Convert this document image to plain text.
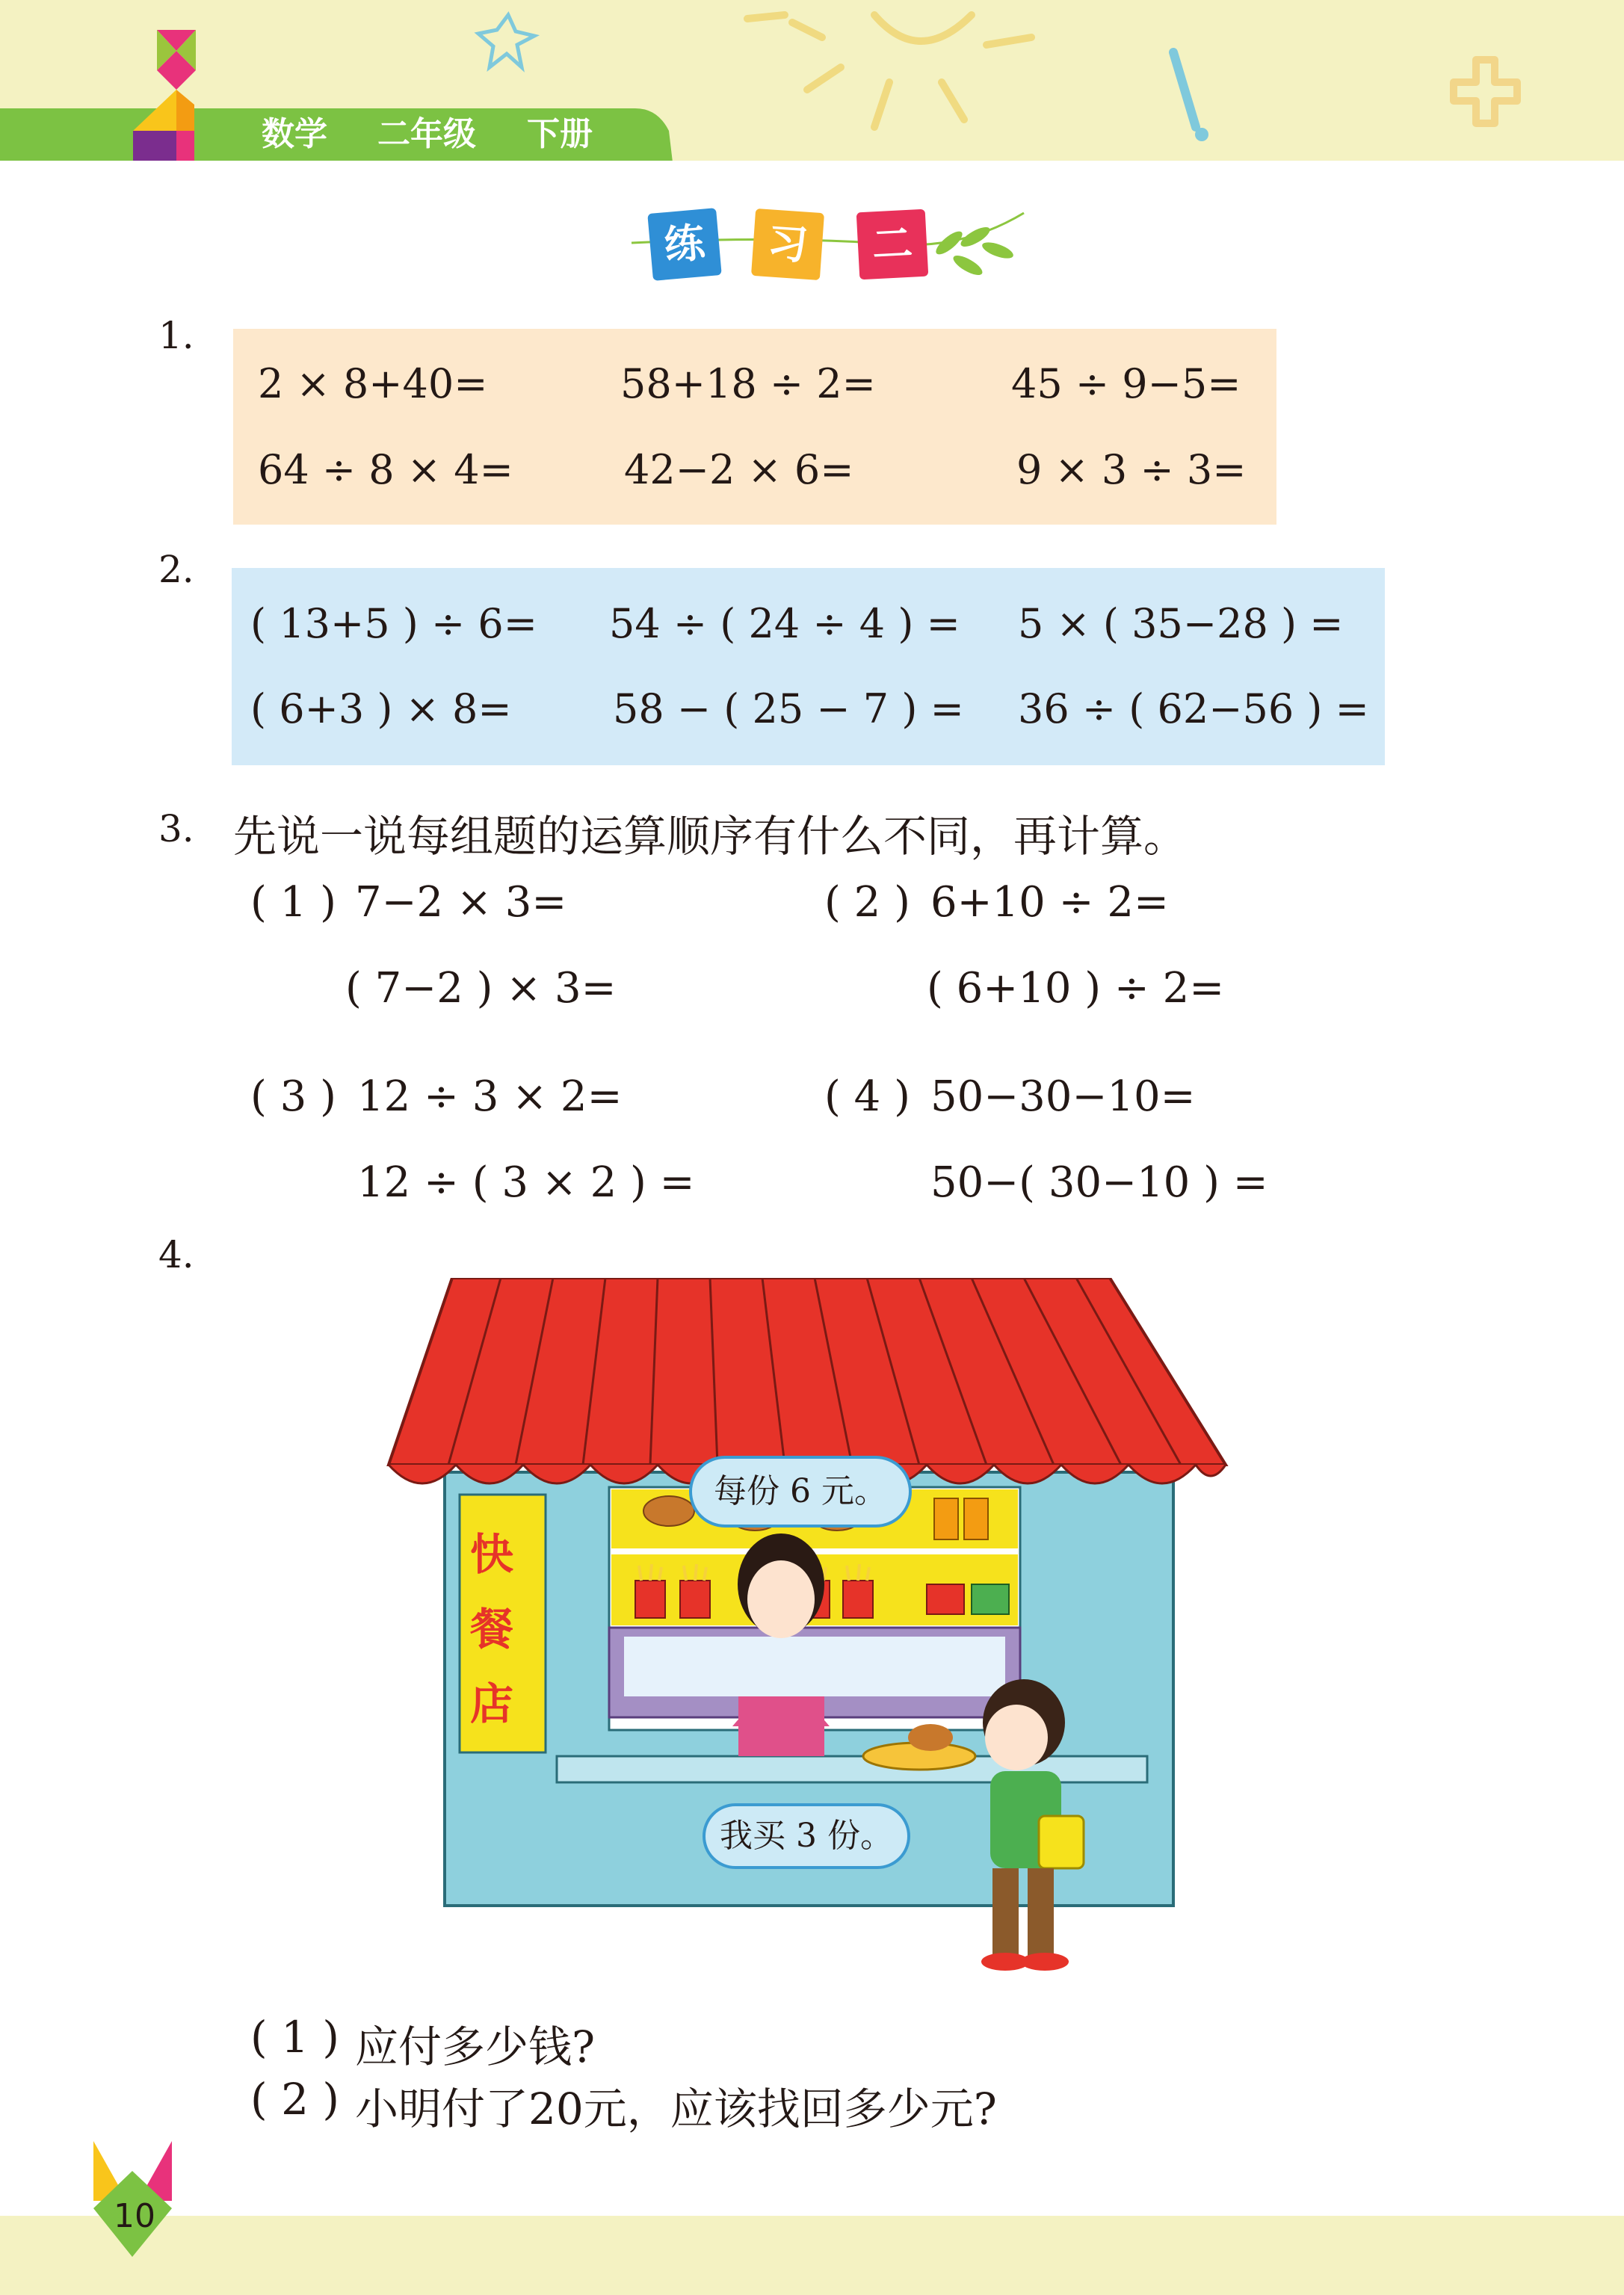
数学 二年级 下册
练	习	二
1.
2 × 8+40=	58+18 ÷ 2=	45 ÷ 9−5=
64 ÷ 8 × 4=	42−2 × 6=	9 × 3 ÷ 3=
2.
( 13+5 ) ÷ 6= 54 ÷ ( 24 ÷ 4 ) = 5 × ( 35−28 ) =
( 6+3 ) × 8=	58 − ( 25 − 7 ) = 36 ÷ ( 62−56 ) =
3. 先说一说每组题的运算顺序有什么不同，再计算。
( 1 ) 7−2 × 3=
( 7−2 ) × 3=
( 2 ) 6+10 ÷ 2=
( 6+10 ) ÷ 2=
( 3 ) 12 ÷ 3 × 2=
12 ÷ ( 3 × 2 ) =
( 4 ) 50−30−10=
50−( 30−10 ) =
4.
快
餐
店
每份 6 元。
我买 3 份。
( 1 ) 应付多少钱?
( 2 ) 小明付了20元，应该找回多少元?
10
